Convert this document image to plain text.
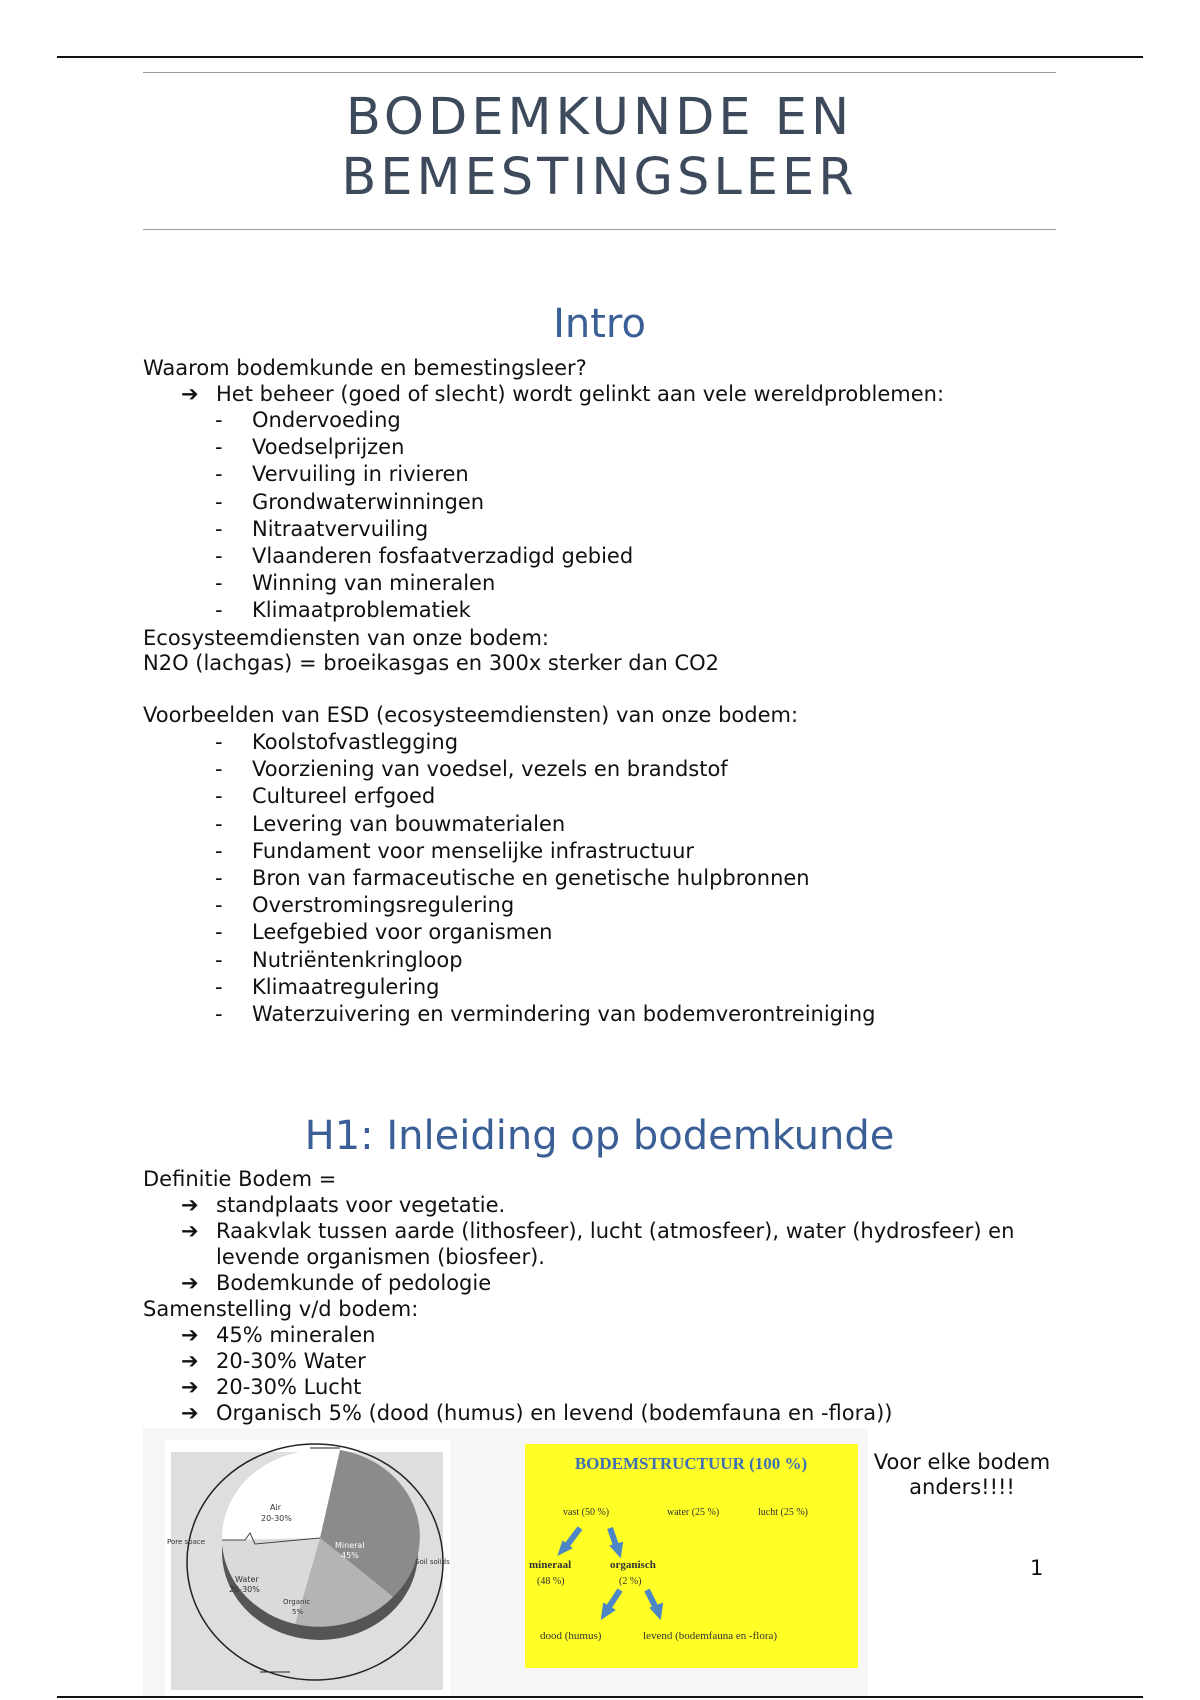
BODEMKUNDE EN
BEMESTINGSLEER
Intro
Waarom bodemkunde en bemestingsleer?
➔ Het beheer (goed of slecht) wordt gelinkt aan vele wereldproblemen:
- Ondervoeding
- Voedselprijzen
- Vervuiling in rivieren
- Grondwaterwinningen
- Nitraatvervuiling
- Vlaanderen fosfaatverzadigd gebied
- Winning van mineralen
- Klimaatproblematiek
Ecosysteemdiensten van onze bodem:
N2O (lachgas) = broeikasgas en 300x sterker dan CO2
Voorbeelden van ESD (ecosysteemdiensten) van onze bodem:
- Koolstofvastlegging
- Voorziening van voedsel, vezels en brandstof
- Cultureel erfgoed
- Levering van bouwmaterialen
- Fundament voor menselijke infrastructuur
- Bron van farmaceutische en genetische hulpbronnen
- Overstromingsregulering
- Leefgebied voor organismen
- Nutriëntenkringloop
- Klimaatregulering
- Waterzuivering en vermindering van bodemverontreiniging
H1: Inleiding op bodemkunde
Definitie Bodem =
➔ standplaats voor vegetatie.
➔ Raakvlak tussen aarde (lithosfeer), lucht (atmosfeer), water (hydrosfeer) en levende organismen (biosfeer).
➔ Bodemkunde of pedologie
Samenstelling v/d bodem:
➔ 45% mineralen
➔ 20-30% Water
➔ 20-30% Lucht
➔ Organisch 5% (dood (humus) en levend (bodemfauna en -flora))
Air
20-30%
Mineral
45%
Water
20-30%
Organic
5%
Pore space
Soil solids
BODEMSTRUCTUUR (100 %)
vast (50 %)	water (25 %)	lucht (25 %)
mineraal
(48 %)
organisch
(2 %)
dood (humus)	levend (bodemfauna en -flora)
Voor elke bodem anders!!!!
1
